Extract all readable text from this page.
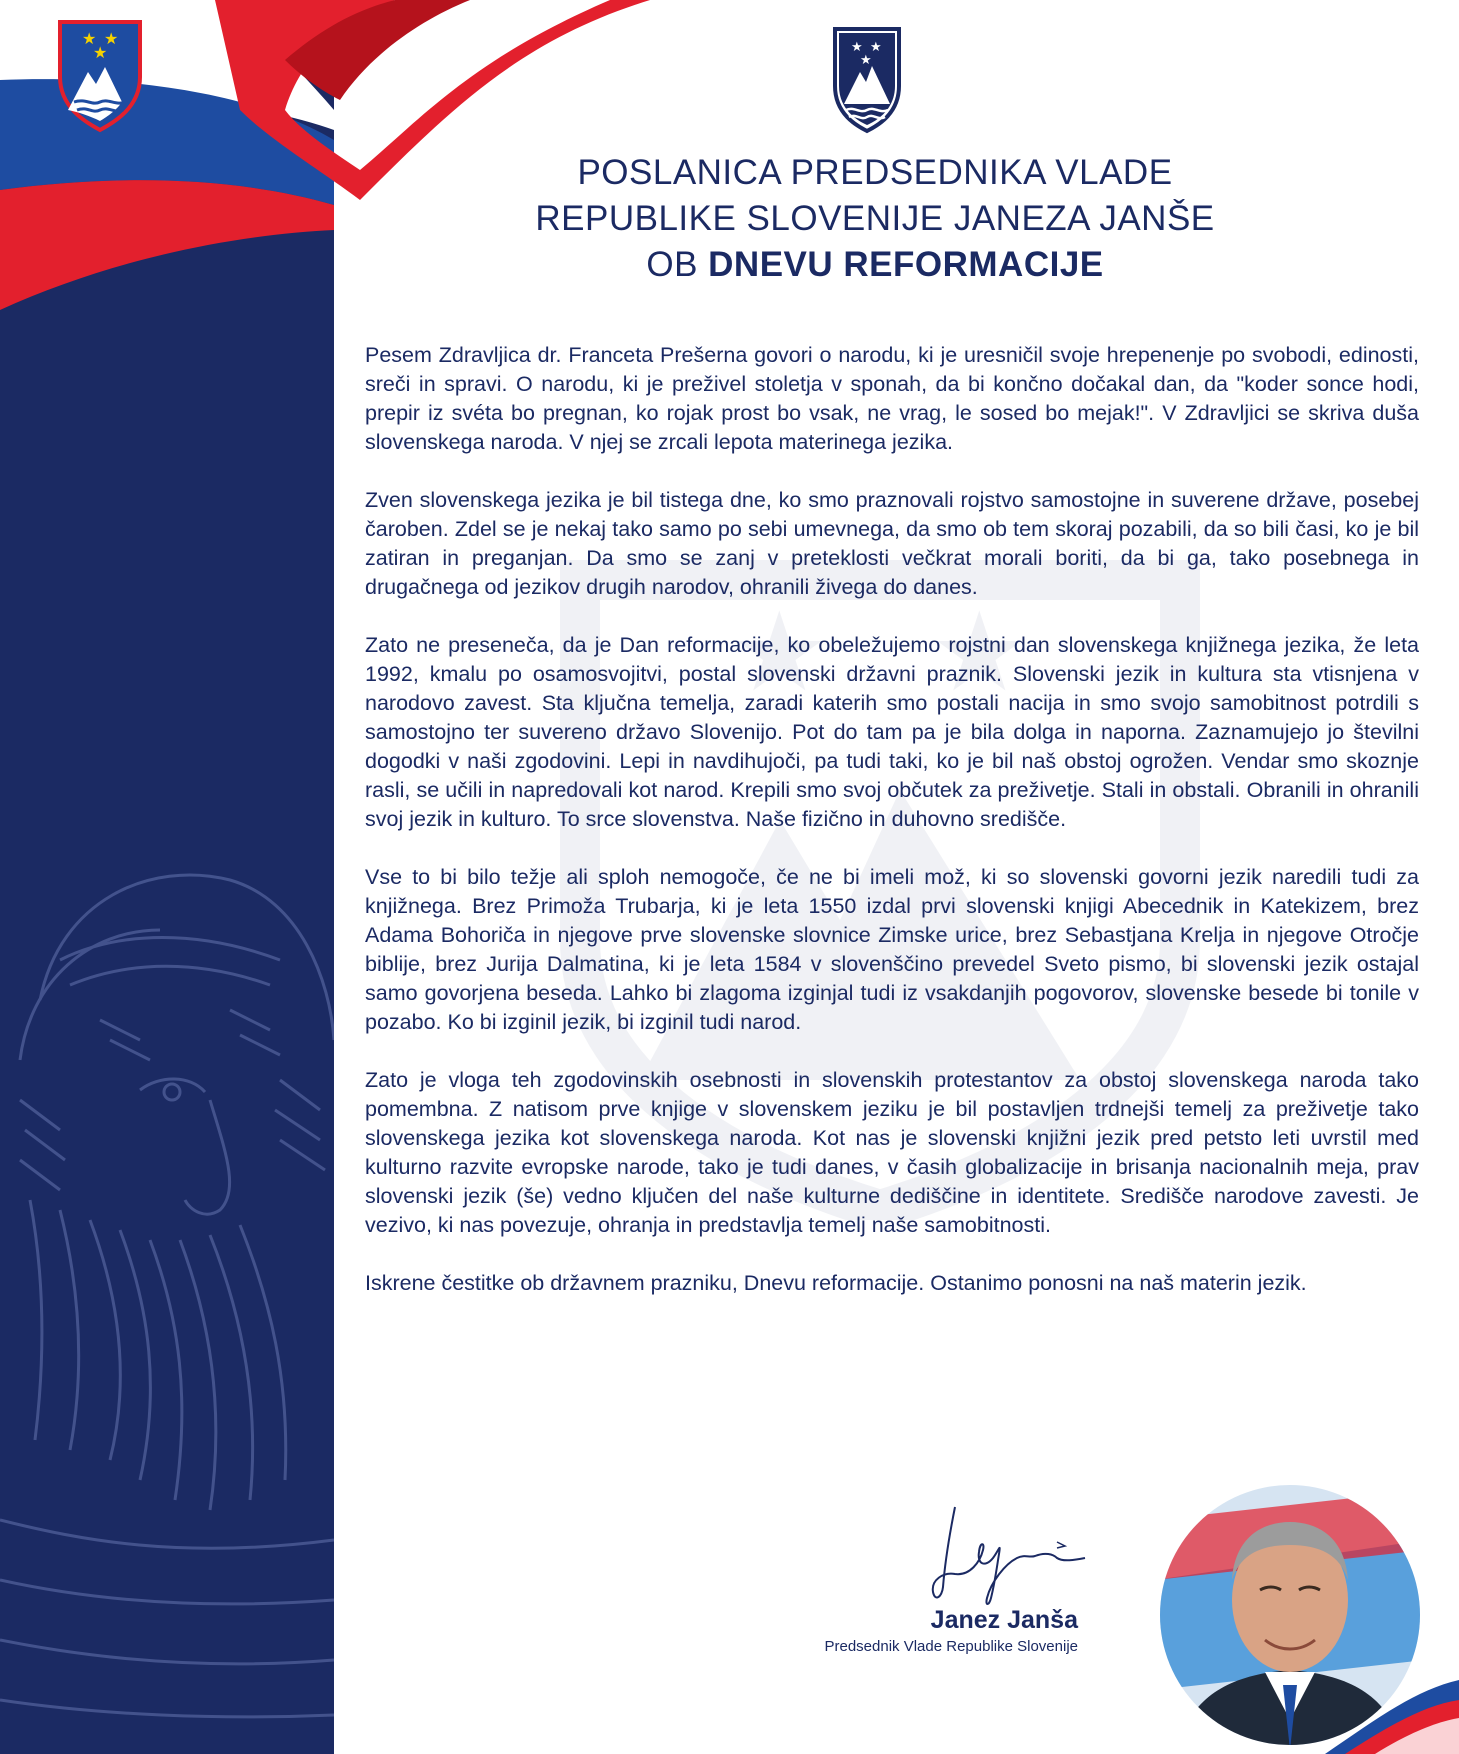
★ ★
★
★ ★
★ ★
★
POSLANICA PREDSEDNIKA VLADE
REPUBLIKE SLOVENIJE JANEZA JANŠE
OB DNEVU REFORMACIJE

Pesem Zdravljica dr. Franceta Prešerna govori o narodu, ki je uresničil svoje hrepenenje po svobodi, edinosti, sreči in spravi. O narodu, ki je preživel stoletja v sponah, da bi končno dočakal dan, da "koder sonce hodi, prepir iz svéta bo pregnan, ko rojak prost bo vsak, ne vrag, le sosed bo mejak!". V Zdravljici se skriva duša slovenskega naroda. V njej se zrcali lepota materinega jezika.

Zven slovenskega jezika je bil tistega dne, ko smo praznovali rojstvo samostojne in suverene države, posebej čaroben. Zdel se je nekaj tako samo po sebi umevnega, da smo ob tem skoraj pozabili, da so bili časi, ko je bil zatiran in preganjan. Da smo se zanj v preteklosti večkrat morali boriti, da bi ga, tako posebnega in drugačnega od jezikov drugih narodov, ohranili živega do danes.

Zato ne preseneča, da je Dan reformacije, ko obeležujemo rojstni dan slovenskega knjižnega jezika, že leta 1992, kmalu po osamosvojitvi, postal slovenski državni praznik. Slovenski jezik in kultura sta vtisnjena v narodovo zavest. Sta ključna temelja, zaradi katerih smo postali nacija in smo svojo samobitnost potrdili s samostojno ter suvereno državo Slovenijo. Pot do tam pa je bila dolga in naporna. Zaznamujejo jo številni dogodki v naši zgodovini. Lepi in navdihujoči, pa tudi taki, ko je bil naš obstoj ogrožen. Vendar smo skoznje rasli, se učili in napredovali kot narod. Krepili smo svoj občutek za preživetje. Stali in obstali. Obranili in ohranili svoj jezik in kulturo. To srce slovenstva. Naše fizično in duhovno središče.

Vse to bi bilo težje ali sploh nemogoče, če ne bi imeli mož, ki so slovenski govorni jezik naredili tudi za knjižnega. Brez Primoža Trubarja, ki je leta 1550 izdal prvi slovenski knjigi Abecednik in Katekizem, brez Adama Bohoriča in njegove prve slovenske slovnice Zimske urice, brez Sebastjana Krelja in njegove Otročje biblije, brez Jurija Dalmatina, ki je leta 1584 v slovenščino prevedel Sveto pismo, bi slovenski jezik ostajal samo govorjena beseda. Lahko bi zlagoma izginjal tudi iz vsakdanjih pogovorov, slovenske besede bi tonile v pozabo. Ko bi izginil jezik, bi izginil tudi narod.

Zato je vloga teh zgodovinskih osebnosti in slovenskih protestantov za obstoj slovenskega naroda tako pomembna. Z natisom prve knjige v slovenskem jeziku je bil postavljen trdnejši temelj za preživetje tako slovenskega jezika kot slovenskega naroda. Kot nas je slovenski knjižni jezik pred petsto leti uvrstil med kulturno razvite evropske narode, tako je tudi danes, v časih globalizacije in brisanja nacionalnih meja, prav slovenski jezik (še) vedno ključen del naše kulturne dediščine in identitete. Središče narodove zavesti. Je vezivo, ki nas povezuje, ohranja in predstavlja temelj naše samobitnosti.

Iskrene čestitke ob državnem prazniku, Dnevu reformacije. Ostanimo ponosni na naš materin jezik.

Janez Janša
Predsednik Vlade Republike Slovenije
